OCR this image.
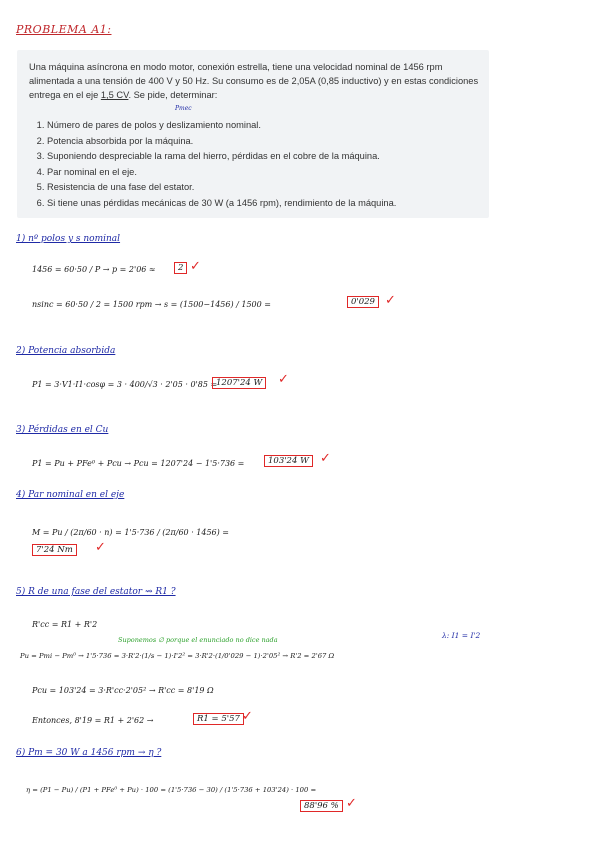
PROBLEMA A1:

Una máquina asíncrona en modo motor, conexión estrella, tiene una velocidad nominal de 1456 rpm alimentada a una tensión de 400 V y 50 Hz. Su consumo es de 2,05A (0,85 inductivo) y en estas condiciones entrega en el eje 1,5 CV. Se pide, determinar:

Pmec
1. Número de pares de polos y deslizamiento nominal.
2. Potencia absorbida por la máquina.
3. Suponiendo despreciable la rama del hierro, pérdidas en el cobre de la máquina.
4. Par nominal en el eje.
5. Resistencia de una fase del estator.
6. Si tiene unas pérdidas mecánicas de 30 W (a 1456 rpm), rendimiento de la máquina.
1) nº polos y s nominal
1456 = 60·50 / P → p = 2'06 ≈	2 ✓
nsinc = 60·50 / 2 = 1500 rpm → s = (1500−1456) / 1500 =	0'029 ✓
2) Potencia absorbida
P1 = 3·V1·I1·cosφ = 3 · 400/√3 · 2'05 · 0'85 =
1207'24 W	✓
3) Pérdidas en el Cu
P1 = Pu + PFe⁰ + Pcu → Pcu = 1207'24 − 1'5·736 =	103'24 W ✓
4) Par nominal en el eje
M = Pu / (2π/60 · n) = 1'5·736 / (2π/60 · 1456) =
7'24 Nm	✓
5) R de una fase del estator ⇝ R1 ?
R'cc = R1 + R'2
Suponemos ∅ porque el enunciado no dice nada	λ: I1 = I'2
Pu = Pmi − Pm⁰ → 1'5·736 = 3·R'2·(1/s − 1)·I'2² = 3·R'2·(1/0'029 − 1)·2'05² → R'2 = 2'67 Ω
Pcu = 103'24 = 3·R'cc·2'05² → R'cc = 8'19 Ω
Entonces, 8'19 = R1 + 2'62 →	R1 = 5'57 ✓
6) Pm = 30 W a 1456 rpm → η ?
η = (P1 − Pu) / (P1 + PFe⁰ + Pu) · 100 = (1'5·736 − 30) / (1'5·736 + 103'24) · 100 =
88'96 % ✓
